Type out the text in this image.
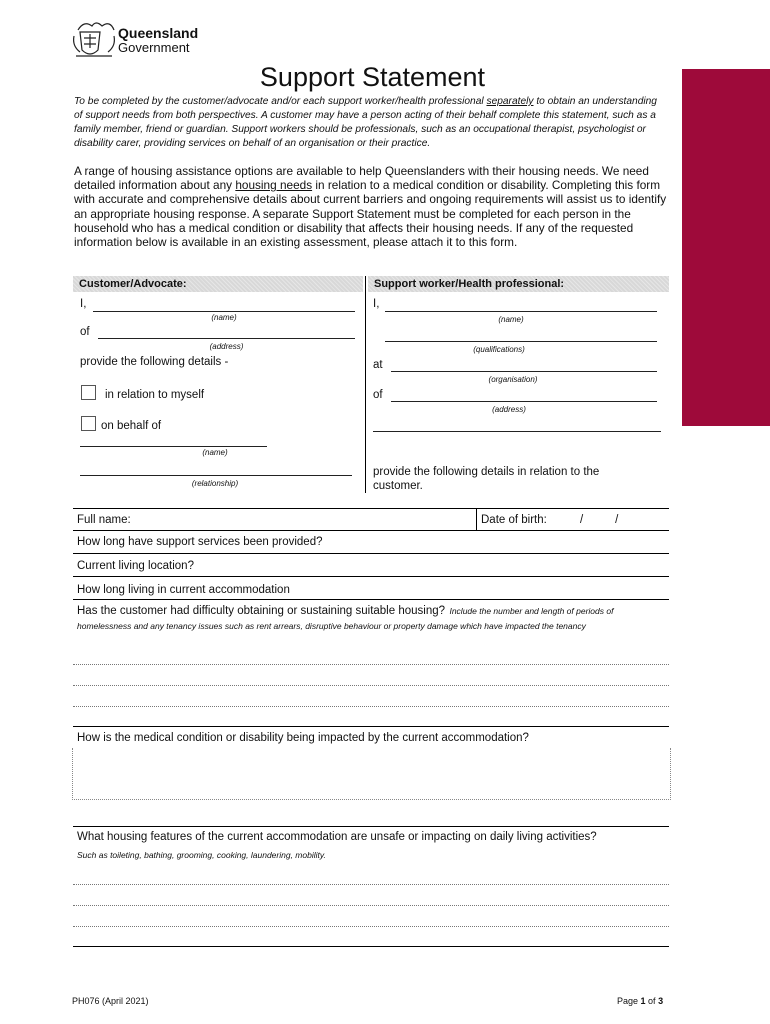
Queensland
Government
Support Statement
To be completed by the customer/advocate and/or each support worker/health professional separately to obtain an understanding of support needs from both perspectives. A customer may have a person acting of their behalf complete this statement, such as a family member, friend or guardian. Support workers should be professionals, such as an occupational therapist, psychologist or disability carer, providing services on behalf of an organisation or their practice.
A range of housing assistance options are available to help Queenslanders with their housing needs. We need detailed information about any housing needs in relation to a medical condition or disability. Completing this form with accurate and comprehensive details about current barriers and ongoing requirements will assist us to identify an appropriate housing response. A separate Support Statement must be completed for each person in the household who has a medical condition or disability that affects their housing needs. If any of the requested information below is available in an existing assessment, please attach it to this form.
Customer/Advocate:	Support worker/Health professional:
I,
(name)
of
(address)
provide the following details -
in relation to myself
on behalf of
(name)
(relationship)
I,
(name)
(qualifications)
at
(organisation)
of
(address)
provide the following details in relation to the customer.
Full name:	Date of birth:	/          /
How long have support services been provided?
Current living location?
How long living in current accommodation
Has the customer had difficulty obtaining or sustaining suitable housing? Include the number and length of periods of homelessness and any tenancy issues such as rent arrears, disruptive behaviour or property damage which have impacted the tenancy
How is the medical condition or disability being impacted by the current accommodation?
What housing features of the current accommodation are unsafe or impacting on daily living activities?
Such as toileting, bathing, grooming, cooking, laundering, mobility.
PH076 (April 2021)	Page 1 of 3
